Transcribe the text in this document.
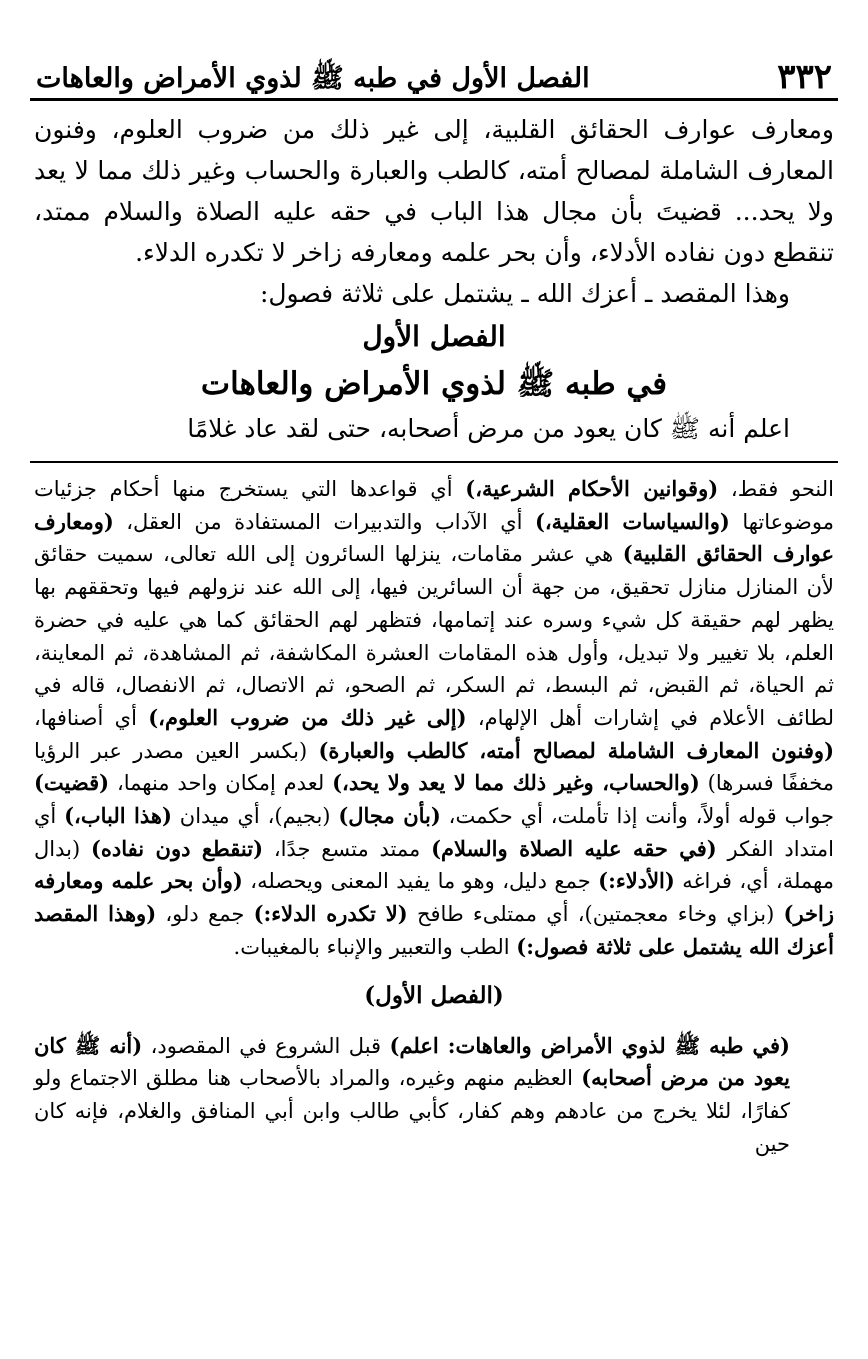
٣٣٢
الفصل الأول في طبه ﷺ لذوي الأمراض والعاهات

ومعارف عوارف الحقائق القلبية، إلى غير ذلك من ضروب العلوم، وفنون المعارف الشاملة لمصالح أمته، كالطب والعبارة والحساب وغير ذلك مما لا يعد ولا يحد... قضيتَ بأن مجال هذا الباب في حقه عليه الصلاة والسلام ممتد، تنقطع دون نفاده الأدلاء، وأن بحر علمه ومعارفه زاخر لا تكدره الدلاء.

وهذا المقصد ـ أعزك الله ـ يشتمل على ثلاثة فصول:

الفصل الأول
في طبه ﷺ لذوي الأمراض والعاهات

اعلم أنه ﷺ كان يعود من مرض أصحابه، حتى لقد عاد غلامًا

النحو فقط، (وقوانين الأحكام الشرعية،) أي قواعدها التي يستخرج منها أحكام جزئيات موضوعاتها (والسياسات العقلية،) أي الآداب والتدبيرات المستفادة من العقل، (ومعارف عوارف الحقائق القلبية) هي عشر مقامات، ينزلها السائرون إلى الله تعالى، سميت حقائق لأن المنازل منازل تحقيق، من جهة أن السائرين فيها، إلى الله عند نزولهم فيها وتحققهم بها يظهر لهم حقيقة كل شيء وسره عند إتمامها، فتظهر لهم الحقائق كما هي عليه في حضرة العلم، بلا تغيير ولا تبديل، وأول هذه المقامات العشرة المكاشفة، ثم المشاهدة، ثم المعاينة، ثم الحياة، ثم القبض، ثم البسط، ثم السكر، ثم الصحو، ثم الاتصال، ثم الانفصال، قاله في لطائف الأعلام في إشارات أهل الإلهام، (إلى غير ذلك من ضروب العلوم،) أي أصنافها، (وفنون المعارف الشاملة لمصالح أمته، كالطب والعبارة) (بكسر العين مصدر عبر الرؤيا مخففًا فسرها) (والحساب، وغير ذلك مما لا يعد ولا يحد،) لعدم إمكان واحد منهما، (قضيت) جواب قوله أولاً، وأنت إذا تأملت، أي حكمت، (بأن مجال) (بجيم)، أي ميدان (هذا الباب،) أي امتداد الفكر (في حقه عليه الصلاة والسلام) ممتد متسع جدًا، (تنقطع دون نفاده) (بدال مهملة، أي، فراغه (الأدلاء:) جمع دليل، وهو ما يفيد المعنى ويحصله، (وأن بحر علمه ومعارفه زاخر) (بزاي وخاء معجمتين)، أي ممتلىء طافح (لا تكدره الدلاء:) جمع دلو، (وهذا المقصد أعزك الله يشتمل على ثلاثة فصول:) الطب والتعبير والإنباء بالمغيبات.

(الفصل الأول)

(في طبه ﷺ لذوي الأمراض والعاهات: اعلم) قبل الشروع في المقصود، (أنه ﷺ كان يعود من مرض أصحابه) العظيم منهم وغيره، والمراد بالأصحاب هنا مطلق الاجتماع ولو كفارًا، لئلا يخرج من عادهم وهم كفار، كأبي طالب وابن أبي المنافق والغلام، فإنه كان حين
